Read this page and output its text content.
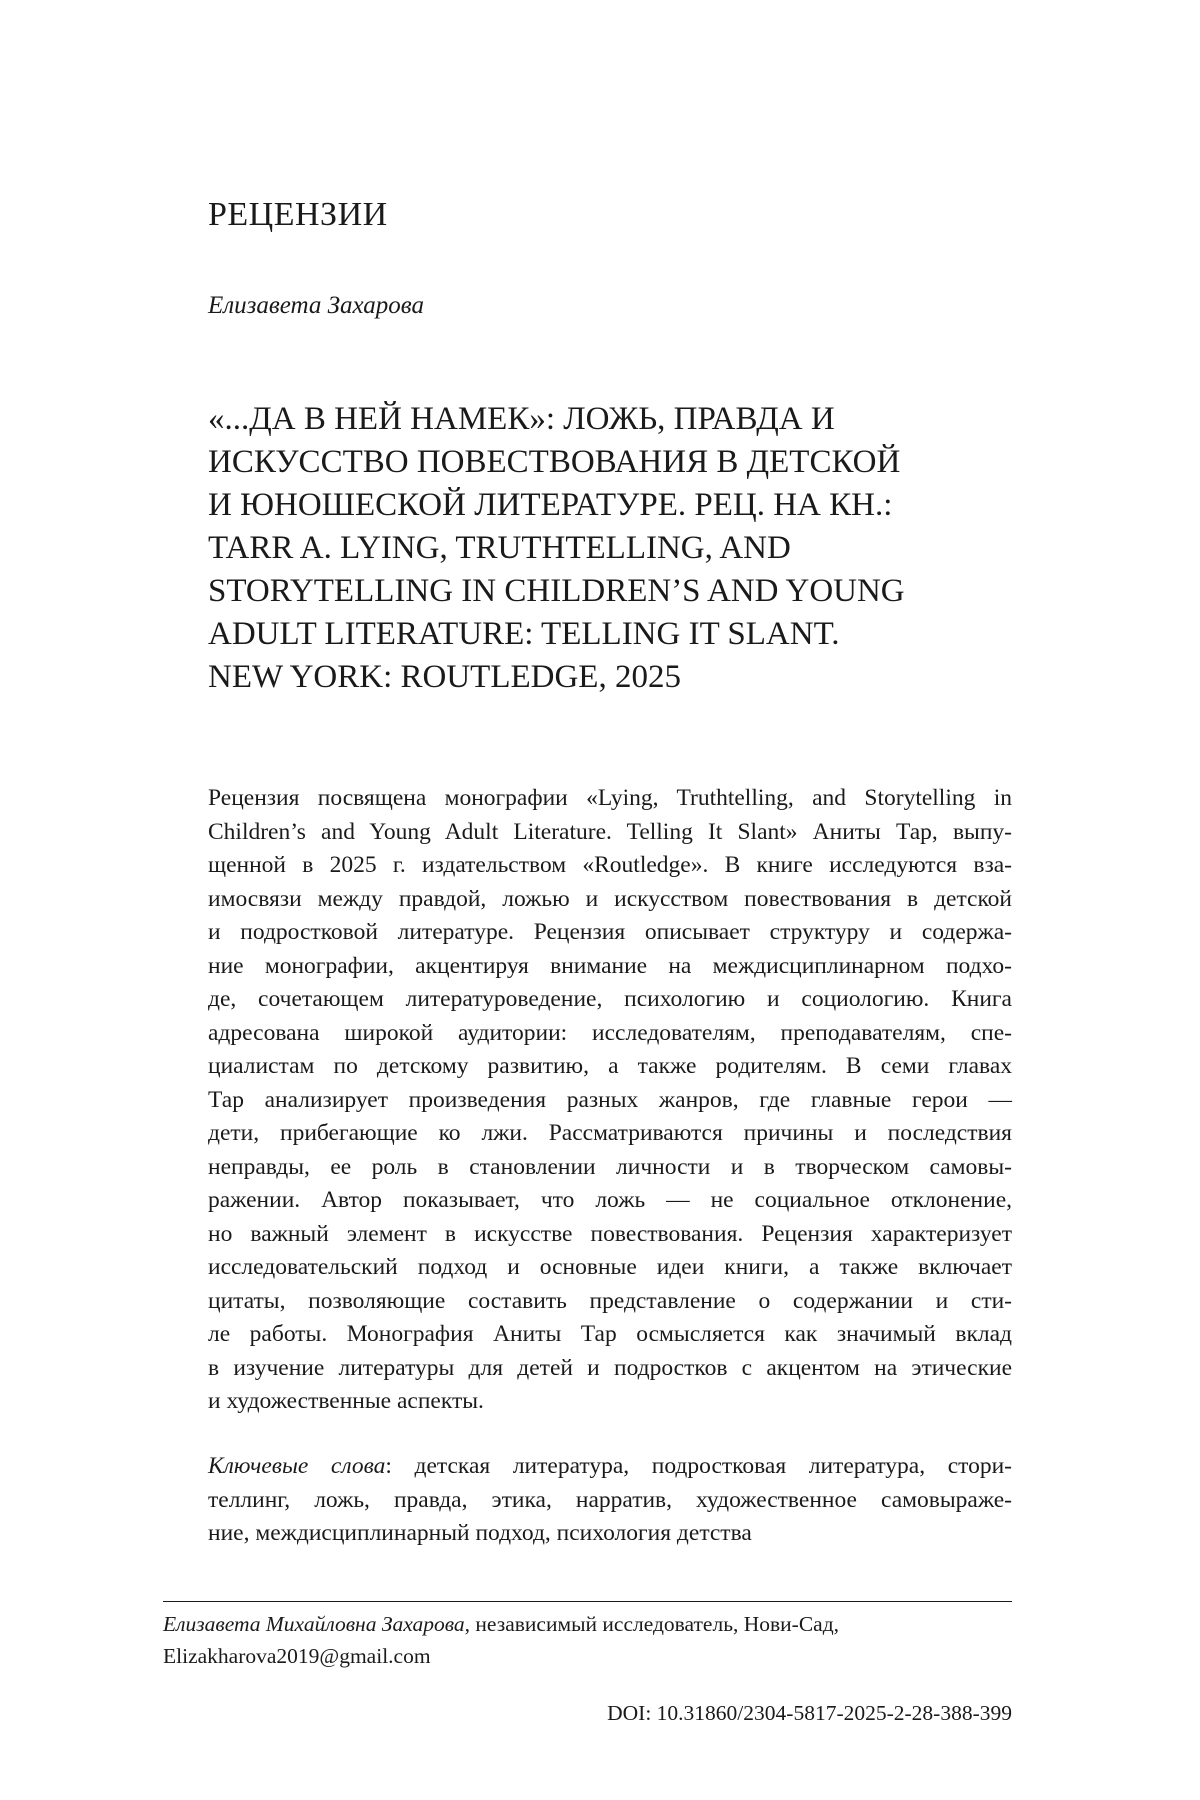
РЕЦЕНЗИИ

Елизавета Захарова

«...ДА В НЕЙ НАМЕК»: ЛОЖЬ, ПРАВДА И
ИСКУССТВО ПОВЕСТВОВАНИЯ В ДЕТСКОЙ
И ЮНОШЕСКОЙ ЛИТЕРАТУРЕ. РЕЦ. НА КН.:
TARR A. LYING, TRUTHTELLING, AND
STORYTELLING IN CHILDREN’S AND YOUNG
ADULT LITERATURE: TELLING IT SLANT.
NEW YORK: ROUTLEDGE, 2025
Рецензия посвящена монографии «Lying, Truthtelling, and Storytelling in
Children’s and Young Adult Literature. Telling It Slant» Аниты Тар, выпу-
щенной в 2025 г. издательством «Routledge». В книге исследуются вза-
имосвязи между правдой, ложью и искусством повествования в детской
и подростковой литературе. Рецензия описывает структуру и содержа-
ние монографии, акцентируя внимание на междисциплинарном подхо-
де, сочетающем литературоведение, психологию и социологию. Книга
адресована широкой аудитории: исследователям, преподавателям, спе-
циалистам по детскому развитию, а также родителям. В семи главах
Тар анализирует произведения разных жанров, где главные герои —
дети, прибегающие ко лжи. Рассматриваются причины и последствия
неправды, ее роль в становлении личности и в творческом самовы-
ражении. Автор показывает, что ложь — не социальное отклонение,
но важный элемент в искусстве повествования. Рецензия характеризует
исследовательский подход и основные идеи книги, а также включает
цитаты, позволяющие составить представление о содержании и сти-
ле работы. Монография Аниты Тар осмысляется как значимый вклад
в изучение литературы для детей и подростков с акцентом на этические
и художественные аспекты.
Ключевые слова: детская литература, подростковая литература, стори-
теллинг, ложь, правда, этика, нарратив, художественное самовыраже-
ние, междисциплинарный подход, психология детства
Елизавета Михайловна Захарова, независимый исследователь, Нови-Сад,
Elizakharova2019@gmail.com

DOI: 10.31860/2304-5817-2025-2-28-388-399
